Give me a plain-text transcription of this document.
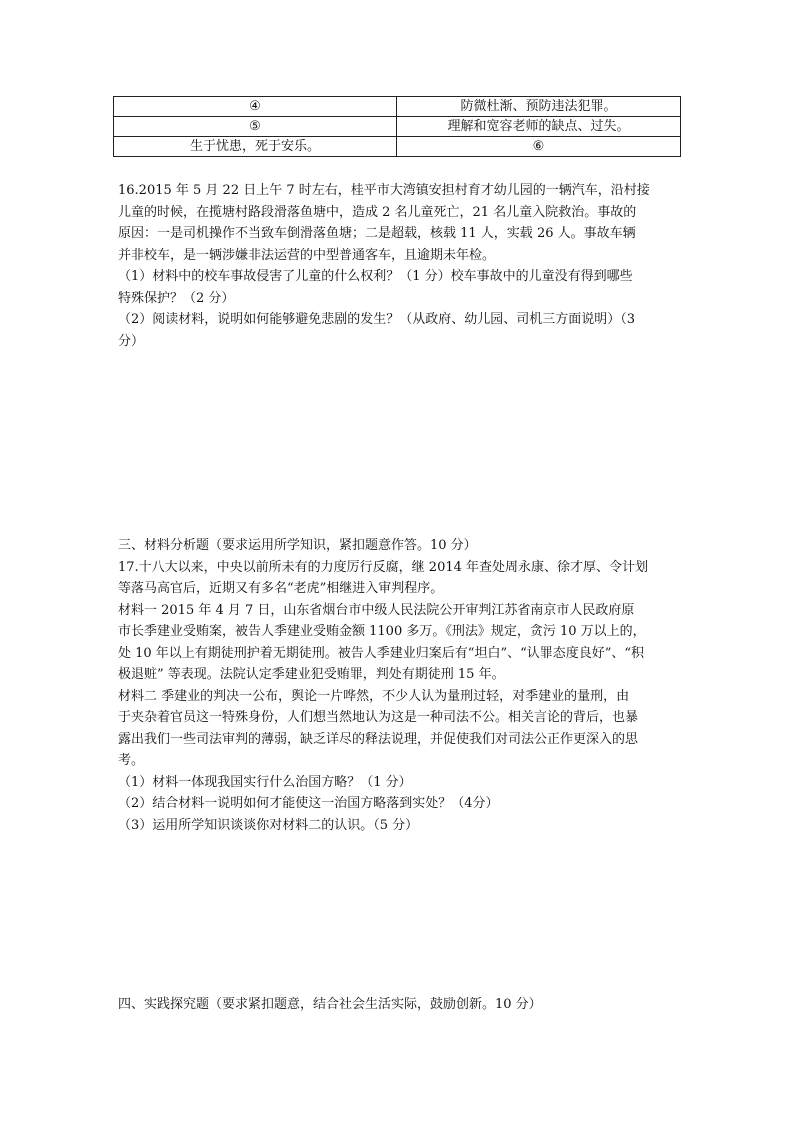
④	防微杜渐、预防违法犯罪。
⑤	理解和宽容老师的缺点、过失。
生于忧患，死于安乐。	⑥

16.2015 年 5 月 22 日上午 7 时左右，桂平市大湾镇安担村育才幼儿园的一辆汽车，沿村接

儿童的时候，在揽塘村路段滑落鱼塘中，造成 2 名儿童死亡，21 名儿童入院救治。事故的

原因：一是司机操作不当致车倒滑落鱼塘；二是超载，核载 11 人，实载 26 人。事故车辆

并非校车，是一辆涉嫌非法运营的中型普通客车，且逾期未年检。

（1）材料中的校车事故侵害了儿童的什么权利？（1 分）校车事故中的儿童没有得到哪些

特殊保护？（2 分）

（2）阅读材料，说明如何能够避免悲剧的发生？（从政府、幼儿园、司机三方面说明）（3

分）

三、材料分析题（要求运用所学知识，紧扣题意作答。10 分）

17.十八大以来，中央以前所未有的力度厉行反腐，继 2014 年查处周永康、徐才厚、令计划

等落马高官后，近期又有多名“老虎”相继进入审判程序。

材料一 2015 年 4 月 7 日，山东省烟台市中级人民法院公开审判江苏省南京市人民政府原

市长季建业受贿案，被告人季建业受贿金额 1100 多万。《刑法》规定，贪污 10 万以上的，

处 10 年以上有期徒刑护着无期徒刑。被告人季建业归案后有“坦白”、“认罪态度良好”、“积

极退赃” 等表现。法院认定季建业犯受贿罪，判处有期徒刑 15 年。

材料二 季建业的判决一公布，舆论一片哗然，不少人认为量刑过轻，对季建业的量刑，由

于夹杂着官员这一特殊身份，人们想当然地认为这是一种司法不公。相关言论的背后，也暴

露出我们一些司法审判的薄弱，缺乏详尽的释法说理，并促使我们对司法公正作更深入的思

考。

（1）材料一体现我国实行什么治国方略？（1 分）

（2）结合材料一说明如何才能使这一治国方略落到实处？（4分）

（3）运用所学知识谈谈你对材料二的认识。（5 分）

四、实践探究题（要求紧扣题意，结合社会生活实际，鼓励创新。10 分）
